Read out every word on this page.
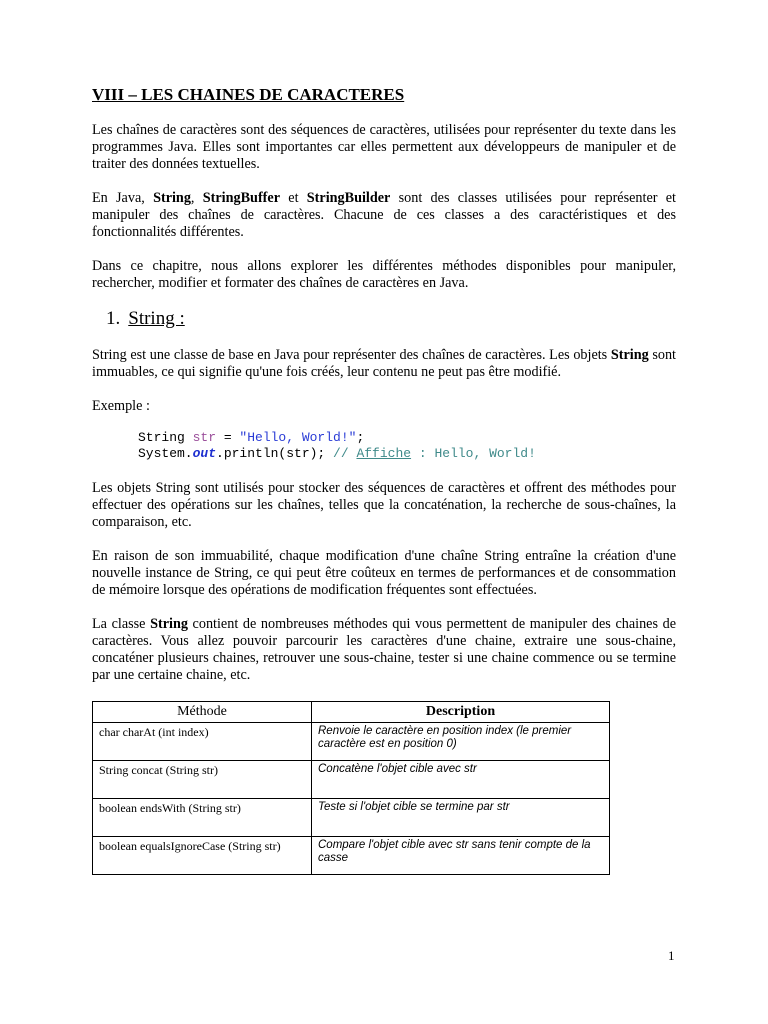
VIII – LES CHAINES DE CARACTERES

Les chaînes de caractères sont des séquences de caractères, utilisées pour représenter du texte dans les programmes Java. Elles sont importantes car elles permettent aux développeurs de manipuler et de traiter des données textuelles.

En Java, String, StringBuffer et StringBuilder sont des classes utilisées pour représenter et manipuler des chaînes de caractères. Chacune de ces classes a des caractéristiques et des fonctionnalités différentes.

Dans ce chapitre, nous allons explorer les différentes méthodes disponibles pour manipuler, rechercher, modifier et formater des chaînes de caractères en Java.

1. String :

String est une classe de base en Java pour représenter des chaînes de caractères. Les objets String sont immuables, ce qui signifie qu'une fois créés, leur contenu ne peut pas être modifié.

Exemple :

String str = "Hello, World!";
System.out.println(str); // Affiche : Hello, World!

Les objets String sont utilisés pour stocker des séquences de caractères et offrent des méthodes pour effectuer des opérations sur les chaînes, telles que la concaténation, la recherche de sous-chaînes, la comparaison, etc.

En raison de son immuabilité, chaque modification d'une chaîne String entraîne la création d'une nouvelle instance de String, ce qui peut être coûteux en termes de performances et de consommation de mémoire lorsque des opérations de modification fréquentes sont effectuées.

La classe String contient de nombreuses méthodes qui vous permettent de manipuler des chaines de caractères. Vous allez pouvoir parcourir les caractères d'une chaine, extraire une sous-chaine, concaténer plusieurs chaines, retrouver une sous-chaine, tester si une chaine commence ou se termine par une certaine chaine, etc.

Méthode	Description
char charAt (int index)	Renvoie le caractère en position index (le premier caractère est en position 0)
String concat (String str)	Concatène l'objet cible avec str
boolean endsWith (String str)	Teste si l'objet cible se termine par str
boolean equalsIgnoreCase (String str)	Compare l'objet cible avec str sans tenir compte de la casse
1
